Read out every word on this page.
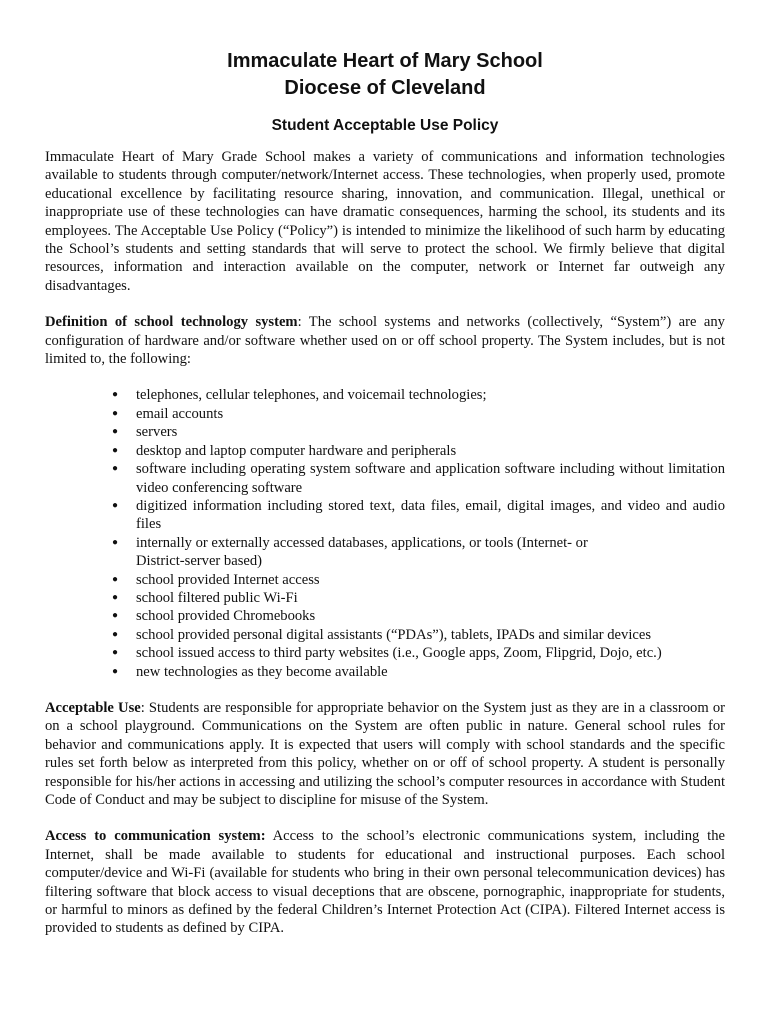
Immaculate Heart of Mary School
Diocese of Cleveland
Student Acceptable Use Policy

Immaculate Heart of Mary Grade School makes a variety of communications and information technologies available to students through computer/network/Internet access. These technologies, when properly used, promote educational excellence by facilitating resource sharing, innovation, and communication. Illegal, unethical or inappropriate use of these technologies can have dramatic consequences, harming the school, its students and its employees. The Acceptable Use Policy (“Policy”) is intended to minimize the likelihood of such harm by educating the School’s students and setting standards that will serve to protect the school. We firmly believe that digital resources, information and interaction available on the computer, network or Internet far outweigh any disadvantages.

Definition of school technology system: The school systems and networks (collectively, “System”) are any configuration of hardware and/or software whether used on or off school property. The System includes, but is not limited to, the following:

● telephones, cellular telephones, and voicemail technologies;
● email accounts
● servers
● desktop and laptop computer hardware and peripherals
● software including operating system software and application software including without limitation video conferencing software
● digitized information including stored text, data files, email, digital images, and video and audio files
● internally or externally accessed databases, applications, or tools (Internet- or District-server based)
● school provided Internet access
● school filtered public Wi-Fi
● school provided Chromebooks
● school provided personal digital assistants (“PDAs”), tablets, IPADs and similar devices
● school issued access to third party websites (i.e., Google apps, Zoom, Flipgrid, Dojo, etc.)
● new technologies as they become available

Acceptable Use: Students are responsible for appropriate behavior on the System just as they are in a classroom or on a school playground. Communications on the System are often public in nature. General school rules for behavior and communications apply. It is expected that users will comply with school standards and the specific rules set forth below as interpreted from this policy, whether on or off of school property. A student is personally responsible for his/her actions in accessing and utilizing the school’s computer resources in accordance with Student Code of Conduct and may be subject to discipline for misuse of the System.

Access to communication system: Access to the school’s electronic communications system, including the Internet, shall be made available to students for educational and instructional purposes. Each school computer/device and Wi-Fi (available for students who bring in their own personal telecommunication devices) has filtering software that block access to visual deceptions that are obscene, pornographic, inappropriate for students, or harmful to minors as defined by the federal Children’s Internet Protection Act (CIPA). Filtered Internet access is provided to students as defined by CIPA.
